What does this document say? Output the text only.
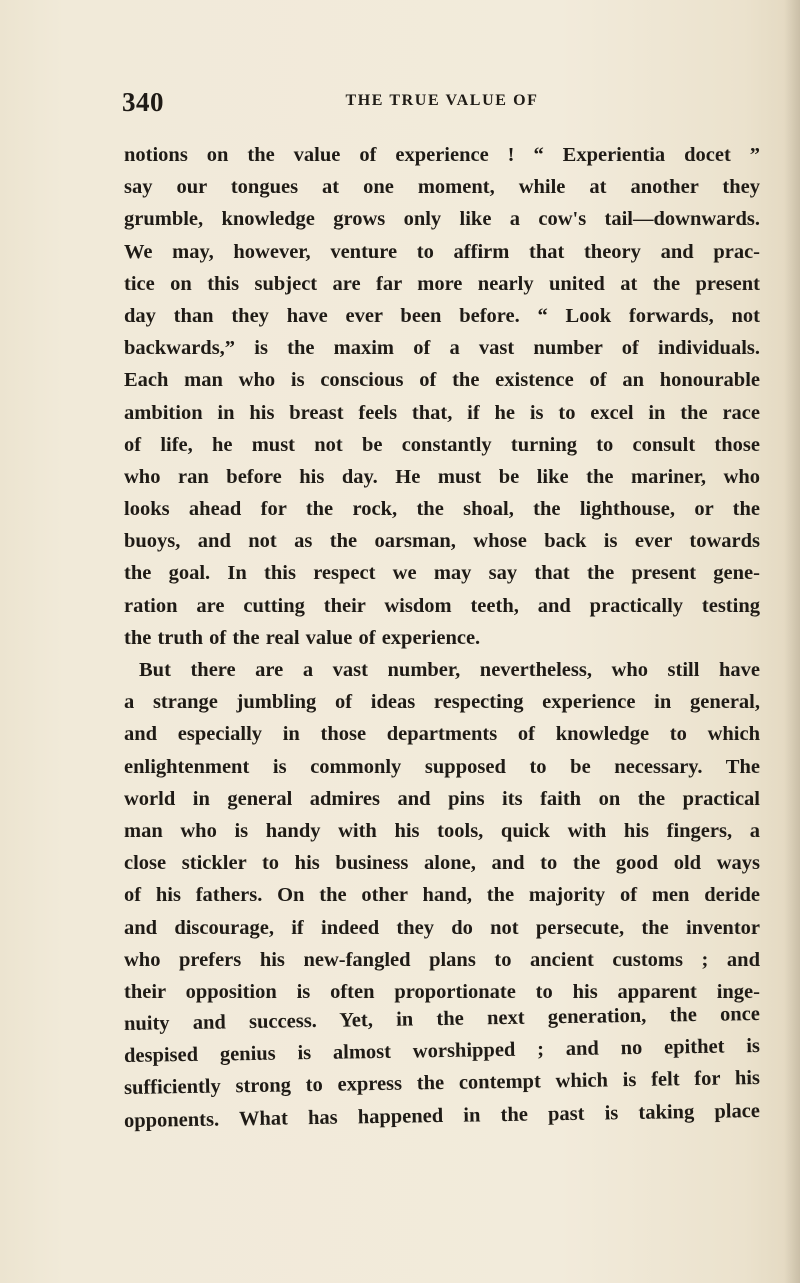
340	THE TRUE VALUE OF
notions on the value of experience ! “ Experientia docet ”
say our tongues at one moment, while at another they
grumble, knowledge grows only like a cow's tail—downwards.
We may, however, venture to affirm that theory and prac-
tice on this subject are far more nearly united at the present
day than they have ever been before. “ Look forwards, not
backwards,” is the maxim of a vast number of individuals.
Each man who is conscious of the existence of an honourable
ambition in his breast feels that, if he is to excel in the race
of life, he must not be constantly turning to consult those
who ran before his day. He must be like the mariner, who
looks ahead for the rock, the shoal, the lighthouse, or the
buoys, and not as the oarsman, whose back is ever towards
the goal. In this respect we may say that the present gene-
ration are cutting their wisdom teeth, and practically testing
the truth of the real value of experience.
But there are a vast number, nevertheless, who still have
a strange jumbling of ideas respecting experience in general,
and especially in those departments of knowledge to which
enlightenment is commonly supposed to be necessary. The
world in general admires and pins its faith on the practical
man who is handy with his tools, quick with his fingers, a
close stickler to his business alone, and to the good old ways
of his fathers. On the other hand, the majority of men deride
and discourage, if indeed they do not persecute, the inventor
who prefers his new-fangled plans to ancient customs ; and
their opposition is often proportionate to his apparent inge-
nuity and success. Yet, in the next generation, the once
despised genius is almost worshipped ; and no epithet is
sufficiently strong to express the contempt which is felt for his
opponents. What has happened in the past is taking place
